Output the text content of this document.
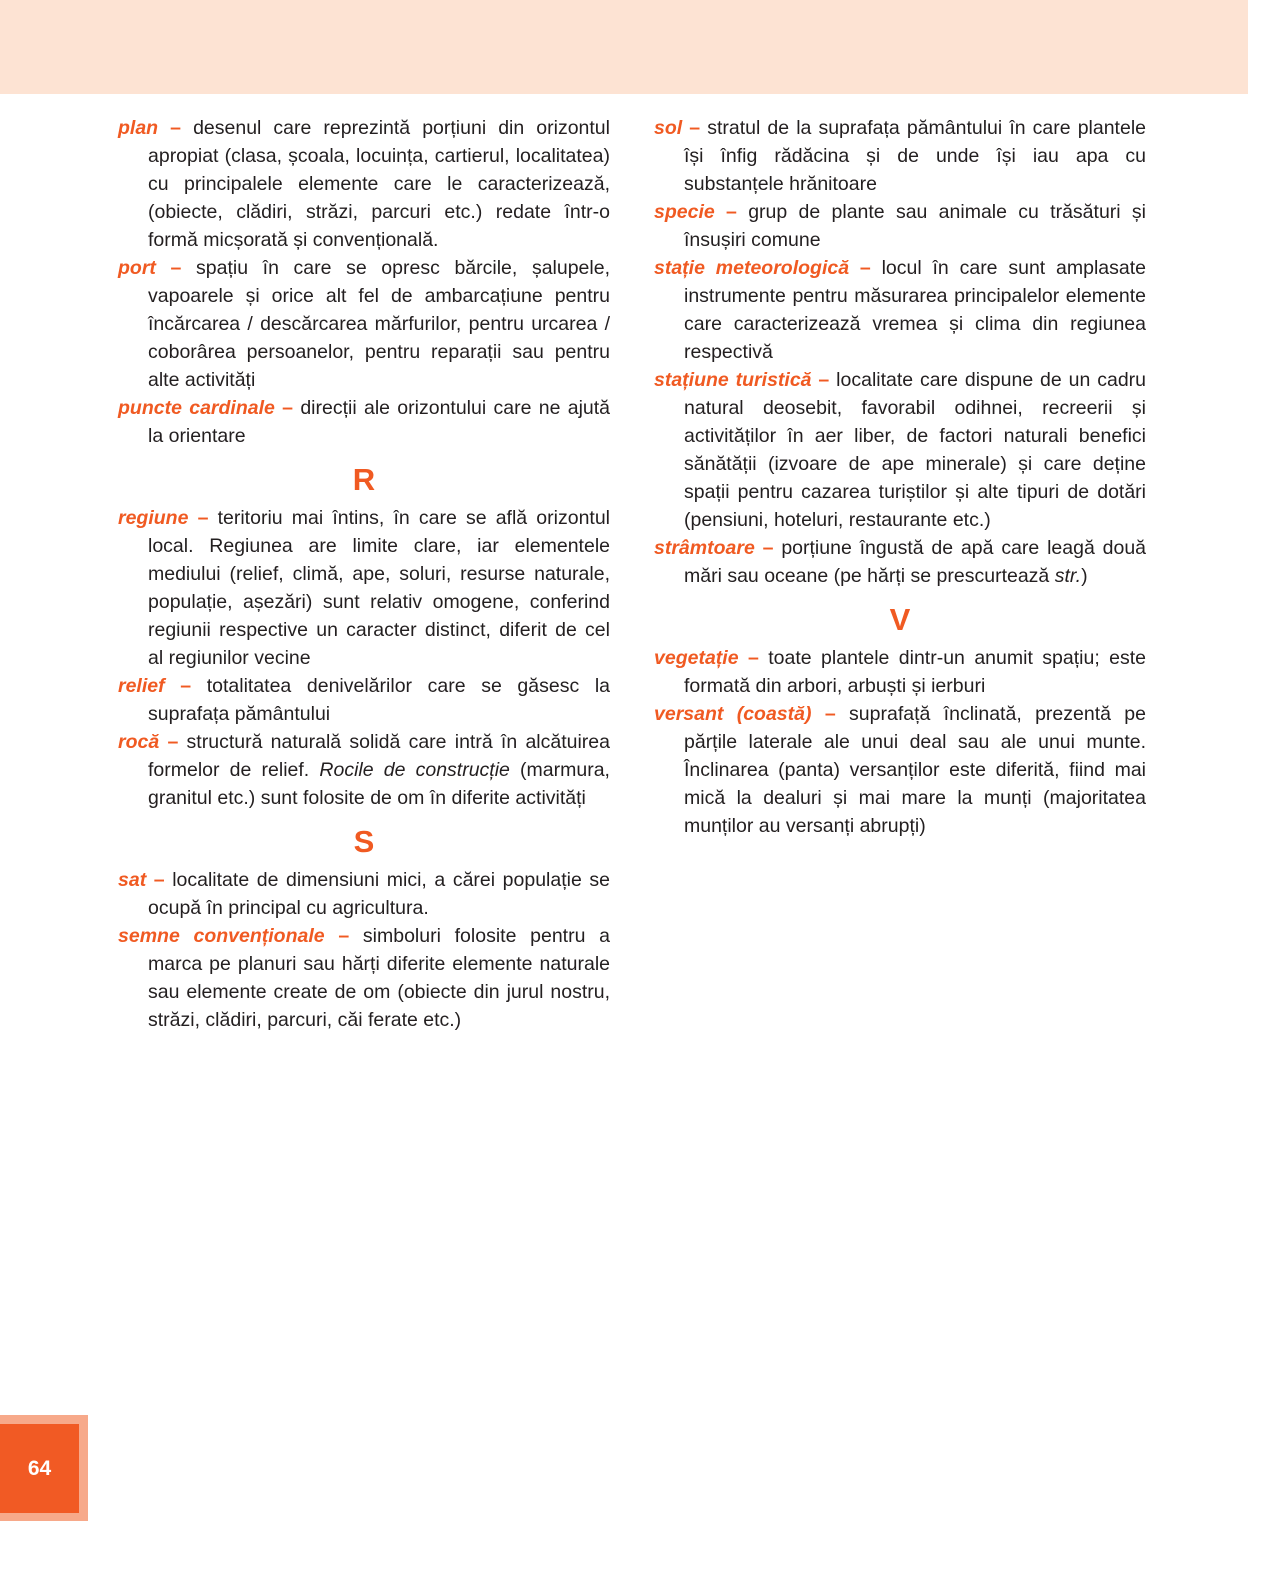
plan – desenul care reprezintă porțiuni din orizontul apropiat (clasa, școala, locuința, cartierul, localitatea) cu principalele elemente care le caracterizează, (obiecte, clădiri, străzi, parcuri etc.) redate într-o formă micșorată și convențională.

port – spațiu în care se opresc bărcile, șalupele, vapoarele și orice alt fel de ambarcațiune pentru încărcarea / descărcarea mărfurilor, pentru urcarea / coborârea persoanelor, pentru reparații sau pentru alte activități

puncte cardinale – direcții ale orizontului care ne ajută la orientare

R

regiune – teritoriu mai întins, în care se află orizontul local. Regiunea are limite clare, iar elementele mediului (relief, climă, ape, soluri, resurse naturale, populație, așezări) sunt relativ omogene, conferind regiunii respective un caracter distinct, diferit de cel al regiunilor vecine

relief – totalitatea denivelărilor care se găsesc la suprafața pământului

rocă – structură naturală solidă care intră în alcătuirea formelor de relief. Rocile de construcție (marmura, granitul etc.) sunt folosite de om în diferite activități

S

sat – localitate de dimensiuni mici, a cărei populație se ocupă în principal cu agricultura.

semne convenționale – simboluri folosite pentru a marca pe planuri sau hărți diferite elemente naturale sau elemente create de om (obiecte din jurul nostru, străzi, clădiri, parcuri, căi ferate etc.)

sol – stratul de la suprafața pământului în care plantele își înfig rădăcina și de unde își iau apa cu substanțele hrănitoare

specie – grup de plante sau animale cu trăsături și însușiri comune

stație meteorologică – locul în care sunt amplasate instrumente pentru măsurarea principalelor elemente care caracterizează vremea și clima din regiunea respectivă

stațiune turistică – localitate care dispune de un cadru natural deosebit, favorabil odihnei, recreerii și activităților în aer liber, de factori naturali benefici sănătății (izvoare de ape minerale) și care deține spații pentru cazarea turiștilor și alte tipuri de dotări (pensiuni, hoteluri, restaurante etc.)

strâmtoare – porțiune îngustă de apă care leagă două mări sau oceane (pe hărți se prescurtează str.)

V

vegetație – toate plantele dintr-un anumit spațiu; este formată din arbori, arbuști și ierburi

versant (coastă) – suprafață înclinată, prezentă pe părțile laterale ale unui deal sau ale unui munte. Înclinarea (panta) versanților este diferită, fiind mai mică la dealuri și mai mare la munți (majoritatea munților au versanți abrupți)

64
